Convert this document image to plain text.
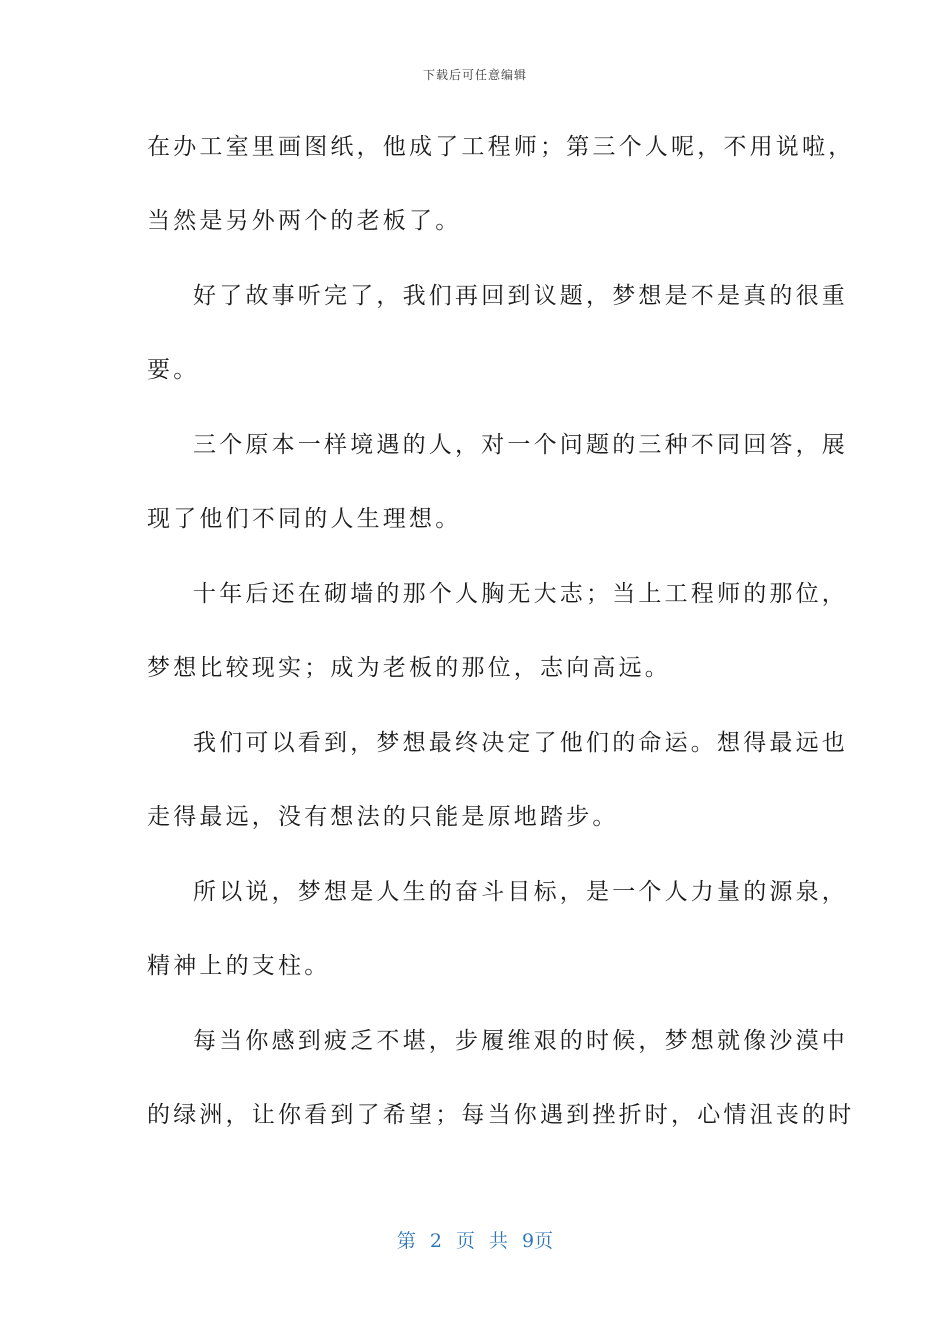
下载后可任意编辑
在办工室里画图纸，他成了工程师；第三个人呢，不用说啦，
当然是另外两个的老板了。
好了故事听完了，我们再回到议题，梦想是不是真的很重
要。
三个原本一样境遇的人，对一个问题的三种不同回答，展
现了他们不同的人生理想。
十年后还在砌墙的那个人胸无大志；当上工程师的那位，
梦想比较现实；成为老板的那位，志向高远。
我们可以看到，梦想最终决定了他们的命运。想得最远也
走得最远，没有想法的只能是原地踏步。
所以说，梦想是人生的奋斗目标，是一个人力量的源泉，
精神上的支柱。
每当你感到疲乏不堪，步履维艰的时候，梦想就像沙漠中
的绿洲，让你看到了希望；每当你遇到挫折时，心情沮丧的时
第 2 页 共 9页
